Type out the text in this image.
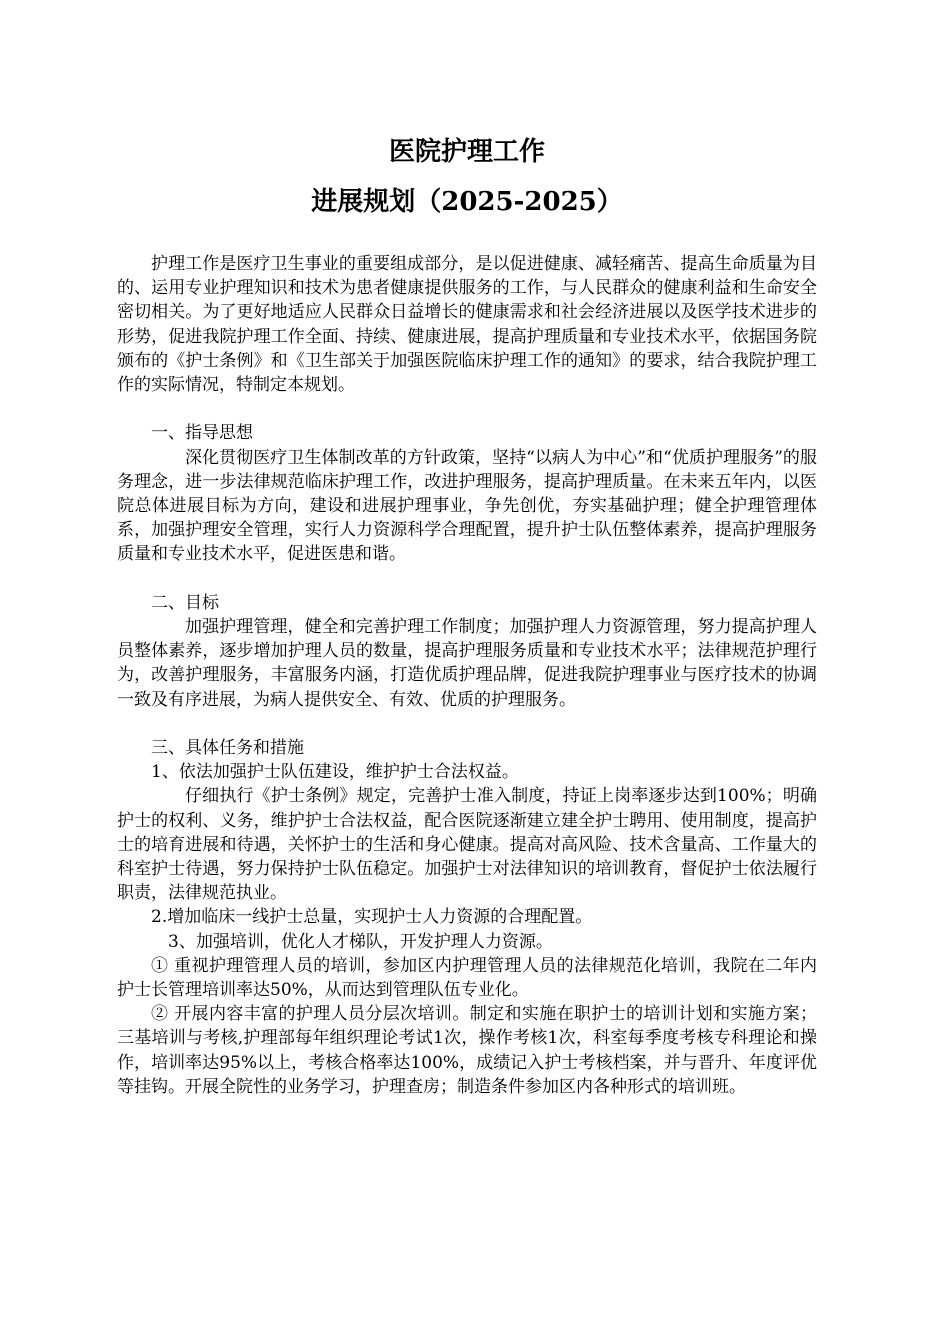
医院护理工作
进展规划（2025-2025）

护理工作是医疗卫生事业的重要组成部分，是以促进健康、减轻痛苦、提高生命质量为目的、运用专业护理知识和技术为患者健康提供服务的工作，与人民群众的健康利益和生命安全密切相关。为了更好地适应人民群众日益增长的健康需求和社会经济进展以及医学技术进步的形势，促进我院护理工作全面、持续、健康进展，提高护理质量和专业技术水平，依据国务院颁布的《护士条例》和《卫生部关于加强医院临床护理工作的通知》的要求，结合我院护理工作的实际情况，特制定本规划。

一、指导思想

深化贯彻医疗卫生体制改革的方针政策，坚持“以病人为中心”和“优质护理服务”的服务理念，进一步法律规范临床护理工作，改进护理服务，提高护理质量。在未来五年内，以医院总体进展目标为方向，建设和进展护理事业，争先创优，夯实基础护理；健全护理管理体系，加强护理安全管理，实行人力资源科学合理配置，提升护士队伍整体素养，提高护理服务质量和专业技术水平，促进医患和谐。

二、目标

加强护理管理，健全和完善护理工作制度；加强护理人力资源管理，努力提高护理人员整体素养，逐步增加护理人员的数量，提高护理服务质量和专业技术水平；法律规范护理行为，改善护理服务，丰富服务内涵，打造优质护理品牌，促进我院护理事业与医疗技术的协调一致及有序进展，为病人提供安全、有效、优质的护理服务。

三、具体任务和措施

1、依法加强护士队伍建设，维护护士合法权益。

仔细执行《护士条例》规定，完善护士准入制度，持证上岗率逐步达到100%；明确护士的权利、义务，维护护士合法权益，配合医院逐渐建立建全护士聘用、使用制度，提高护士的培育进展和待遇，关怀护士的生活和身心健康。提高对高风险、技术含量高、工作量大的科室护士待遇，努力保持护士队伍稳定。加强护士对法律知识的培训教育，督促护士依法履行职责，法律规范执业。

2.增加临床一线护士总量，实现护士人力资源的合理配置。

3、加强培训，优化人才梯队，开发护理人力资源。

① 重视护理管理人员的培训，参加区内护理管理人员的法律规范化培训，我院在二年内护士长管理培训率达50%，从而达到管理队伍专业化。

② 开展内容丰富的护理人员分层次培训。制定和实施在职护士的培训计划和实施方案；三基培训与考核,护理部每年组织理论考试1次，操作考核1次，科室每季度考核专科理论和操作，培训率达95%以上，考核合格率达100%，成绩记入护士考核档案，并与晋升、年度评优等挂钩。开展全院性的业务学习，护理查房；制造条件参加区内各种形式的培训班。
